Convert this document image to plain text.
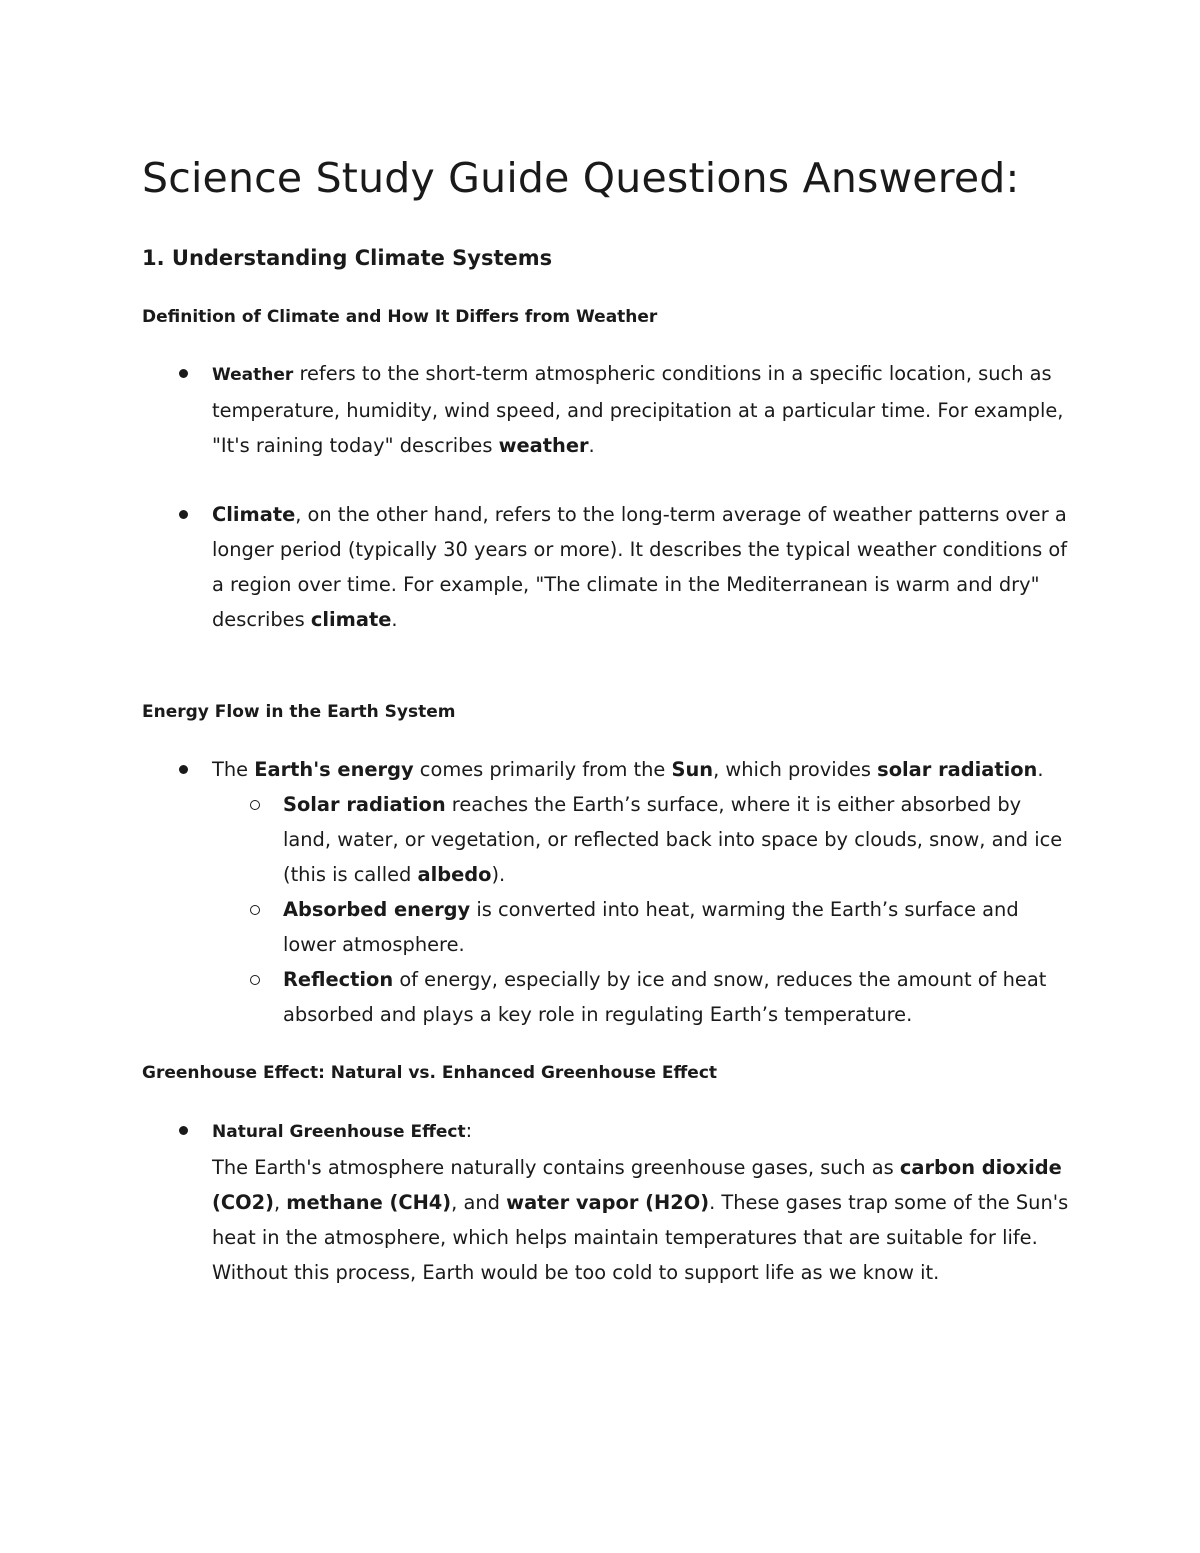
Science Study Guide Questions Answered:
1. Understanding Climate Systems
Definition of Climate and How It Differs from Weather
Weather refers to the short-term atmospheric conditions in a specific location, such as temperature, humidity, wind speed, and precipitation at a particular time. For example, "It's raining today" describes weather.
Climate, on the other hand, refers to the long-term average of weather patterns over a longer period (typically 30 years or more). It describes the typical weather conditions of a region over time. For example, "The climate in the Mediterranean is warm and dry" describes climate.
Energy Flow in the Earth System
The Earth's energy comes primarily from the Sun, which provides solar radiation.
Solar radiation reaches the Earth’s surface, where it is either absorbed by land, water, or vegetation, or reflected back into space by clouds, snow, and ice (this is called albedo).
Absorbed energy is converted into heat, warming the Earth’s surface and lower atmosphere.
Reflection of energy, especially by ice and snow, reduces the amount of heat absorbed and plays a key role in regulating Earth’s temperature.
Greenhouse Effect: Natural vs. Enhanced Greenhouse Effect
Natural Greenhouse Effect:
The Earth's atmosphere naturally contains greenhouse gases, such as carbon dioxide (CO2), methane (CH4), and water vapor (H2O). These gases trap some of the Sun's heat in the atmosphere, which helps maintain temperatures that are suitable for life. Without this process, Earth would be too cold to support life as we know it.
